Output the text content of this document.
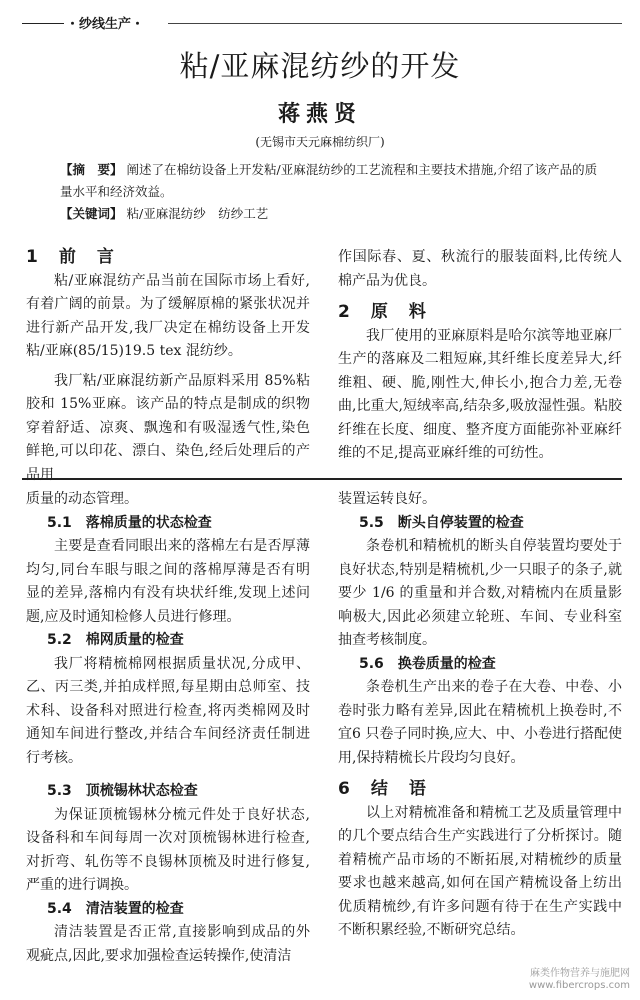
・纱线生产・
粘/亚麻混纺纱的开发
蒋燕贤
(无锡市天元麻棉纺织厂)

【摘　要】 阐述了在棉纺设备上开发粘/亚麻混纺纱的工艺流程和主要技术措施,介绍了该产品的质量水平和经济效益。

【关键词】 粘/亚麻混纺纱　纺纱工艺

1　前　言

粘/亚麻混纺产品当前在国际市场上看好,有着广阔的前景。为了缓解原棉的紧张状况并进行新产品开发,我厂决定在棉纺设备上开发粘/亚麻(85/15)19.5 tex 混纺纱。

我厂粘/亚麻混纺新产品原料采用 85%粘胶和 15%亚麻。该产品的特点是制成的织物穿着舒适、凉爽、飘逸和有吸湿透气性,染色鲜艳,可以印花、漂白、染色,经后处理后的产品用

作国际春、夏、秋流行的服装面料,比传统人棉产品为优良。

2　原　料

我厂使用的亚麻原料是哈尔滨等地亚麻厂生产的落麻及二粗短麻,其纤维长度差异大,纤维粗、硬、脆,刚性大,伸长小,抱合力差,无卷曲,比重大,短绒率高,结杂多,吸放湿性强。粘胶纤维在长度、细度、整齐度方面能弥补亚麻纤维的不足,提高亚麻纤维的可纺性。

质量的动态管理。

5.1　落棉质量的状态检查

主要是查看同眼出来的落棉左右是否厚薄均匀,同台车眼与眼之间的落棉厚薄是否有明显的差异,落棉内有没有块状纤维,发现上述问题,应及时通知检修人员进行修理。

5.2　棉网质量的检查

我厂将精梳棉网根据质量状况,分成甲、乙、丙三类,并拍成样照,每星期由总师室、技术科、设备科对照进行检查,将丙类棉网及时通知车间进行整改,并结合车间经济责任制进行考核。

5.3　顶梳锡林状态检查

为保证顶梳锡林分梳元件处于良好状态,设备科和车间每周一次对顶梳锡林进行检查,对折弯、轧伤等不良锡林顶梳及时进行修复,严重的进行调换。

5.4　清洁装置的检查

清洁装置是否正常,直接影响到成品的外观疵点,因此,要求加强检查运转操作,使清洁

装置运转良好。

5.5　断头自停装置的检查

条卷机和精梳机的断头自停装置均要处于良好状态,特别是精梳机,少一只眼子的条子,就要少 1/6 的重量和并合数,对精梳内在质量影响极大,因此必须建立轮班、车间、专业科室抽查考核制度。

5.6　换卷质量的检查

条卷机生产出来的卷子在大卷、中卷、小卷时张力略有差异,因此在精梳机上换卷时,不宜6 只卷子同时换,应大、中、小卷进行搭配使用,保持精梳长片段均匀良好。

6　结　语

以上对精梳准备和精梳工艺及质量管理中的几个要点结合生产实践进行了分析探讨。随着精梳产品市场的不断拓展,对精梳纱的质量要求也越来越高,如何在国产精梳设备上纺出优质精梳纱,有许多问题有待于在生产实践中不断积累经验,不断研究总结。

麻类作物营养与施肥网
www.fibercrops.com
